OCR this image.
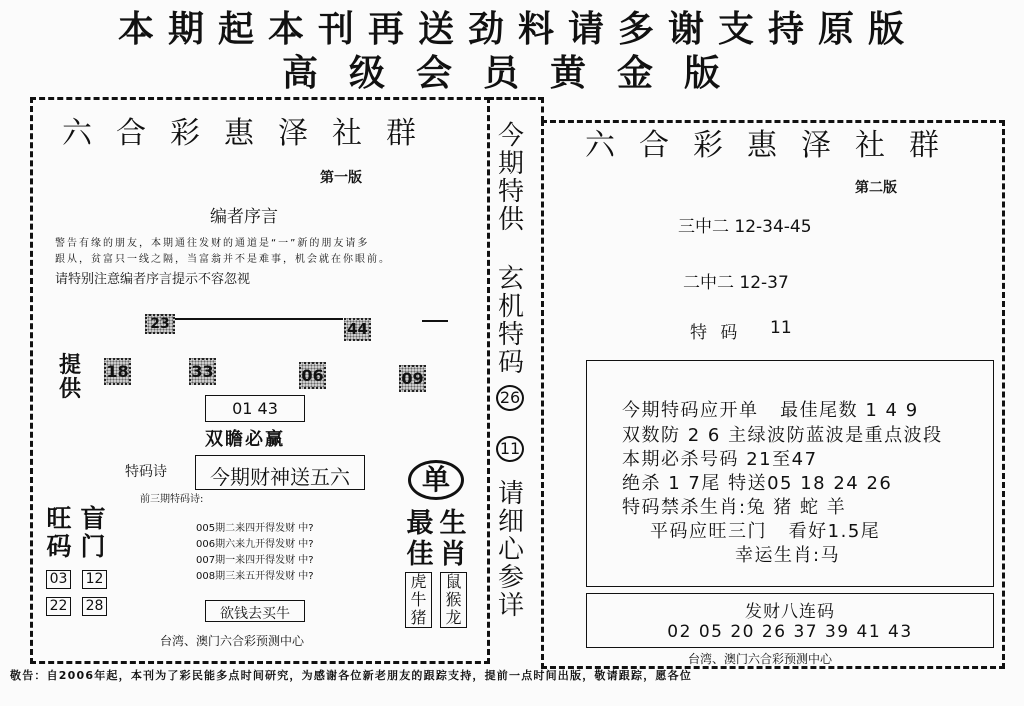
本期起本刊再送劲料请多谢支持原版
高级会员黄金版
六合彩惠泽社群
第一版
编者序言
警告有缘的朋友，本期通往发财的通道是“一”新的朋友请多
跟从，贫富只一线之隔，当富翁并不是难事，机会就在你眼前。
请特别注意编者序言提示不容忽视
23	44
提供
18	33	06	09
01 43
双瞻必赢
特码诗	今期财神送五六
前三期特码诗:
005期二来四开得发财 中?
006期六来九开得发财 中?
007期一来四开得发财 中?
008期三来五开得发财 中?
旺码
盲门
03 12
22 28	欲钱去买牛
台湾、澳门六合彩预测中心
单
最佳
生肖
虎牛猪
鼠猴龙
今期特供
玄机特码
26
11
请细心参详
六合彩惠泽社群
第二版
三中二 12-34-45
二中二 12-37
特 码 11
今期特码应开单   最佳尾数 1 4 9
双数防 2 6 主绿波防蓝波是重点波段
本期必杀号码 21至47
绝杀 1 7尾 特送05 18 24 26
特码禁杀生肖:兔 猪 蛇 羊
平码应旺三门   看好1.5尾
幸运生肖:马
发财八连码
02 05 20 26 37 39 41 43
台湾、澳门六合彩预测中心
敬告：自2006年起，本刊为了彩民能多点时间研究，为感谢各位新老朋友的跟踪支持，提前一点时间出版，敬请跟踪，愿各位
